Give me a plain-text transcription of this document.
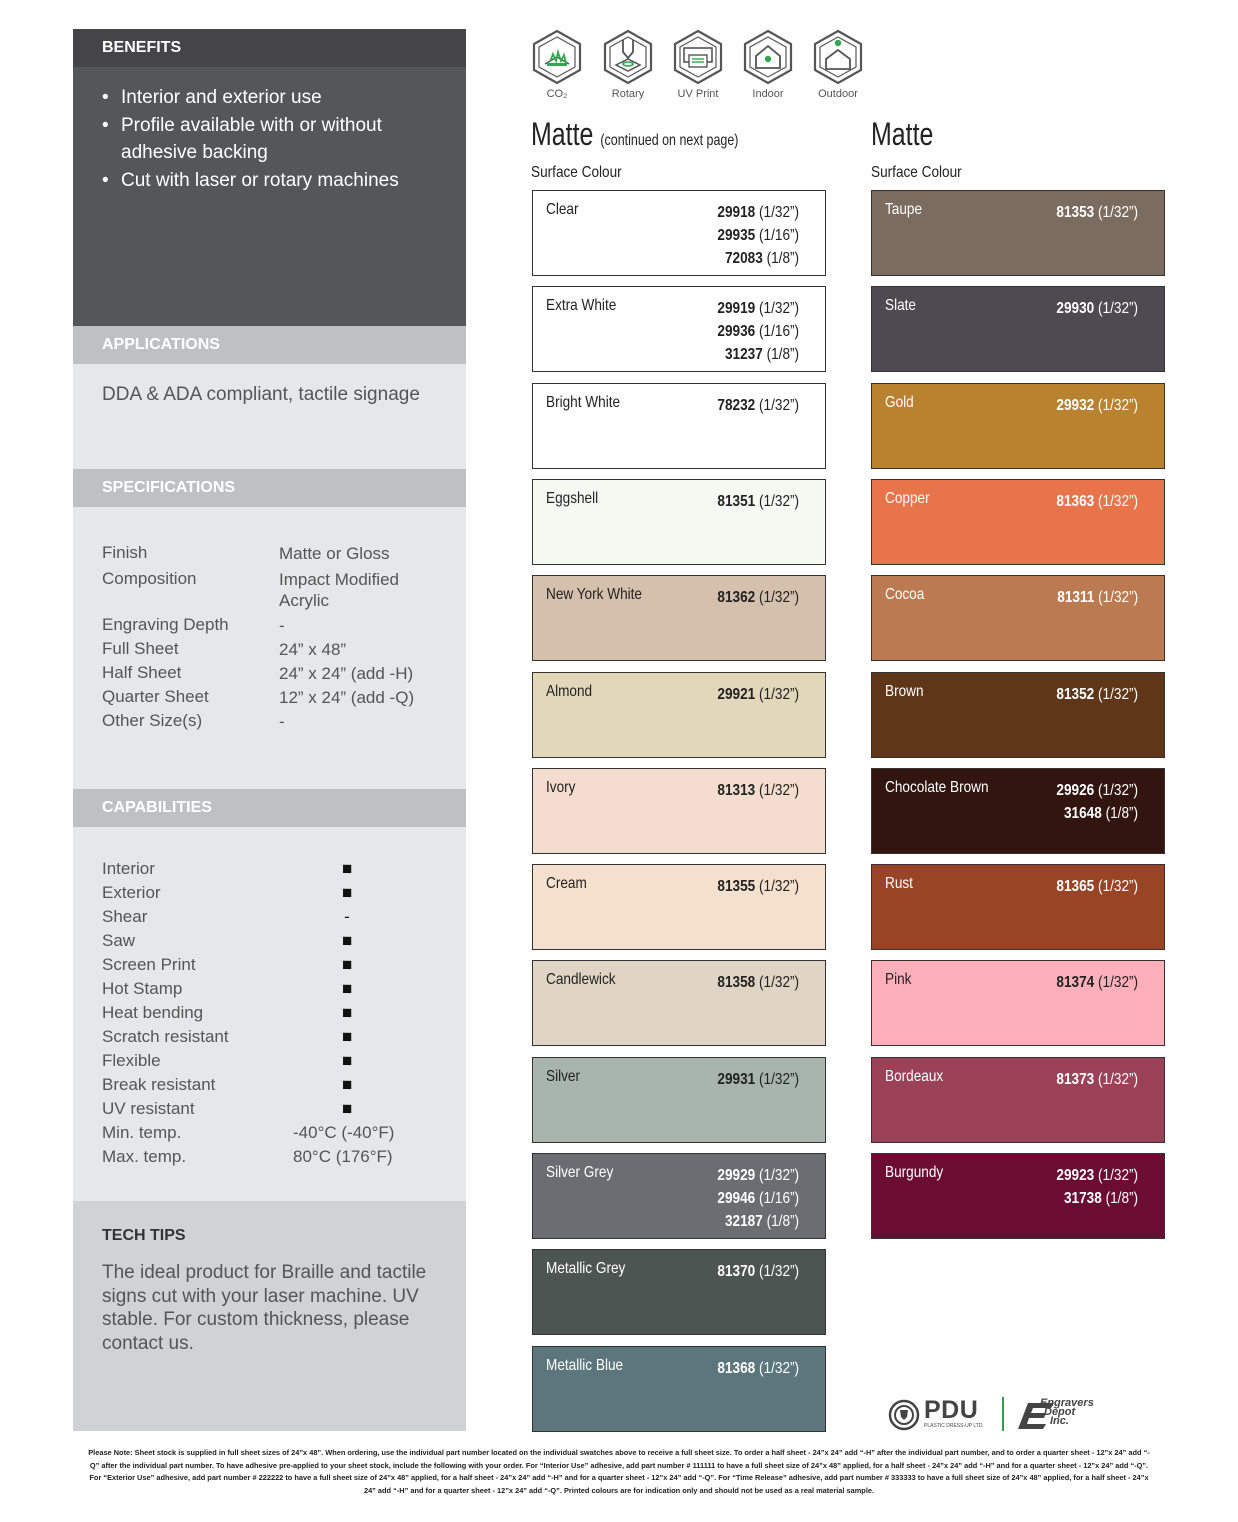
BENEFITS
• Interior and exterior use
• Profile available with or without adhesive backing
• Cut with laser or rotary machines
APPLICATIONS
DDA & ADA compliant, tactile signage
SPECIFICATIONS
Finish	Matte or Gloss
Composition	Impact Modified Acrylic
Engraving Depth	-
Full Sheet	24” x 48”
Half Sheet	24” x 24” (add -H)
Quarter Sheet	12” x 24” (add -Q)
Other Size(s)	-
CAPABILITIES
Interior	■
Exterior	■
Shear	-
Saw	■
Screen Print	■
Hot Stamp	■
Heat bending	■
Scratch resistant	■
Flexible	■
Break resistant	■
UV resistant	■
Min. temp.	-40°C (-40°F)
Max. temp.	80°C (176°F)
TECH TIPS
The ideal product for Braille and tactile signs cut with your laser machine. UV stable. For custom thickness, please contact us.
CO₂	Rotary	UV Print	Indoor	Outdoor
Matte (continued on next page)
Surface Colour
Matte
Surface Colour
Clear	29918 (1/32”)
29935 (1/16”)
72083 (1/8”)
Extra White	29919 (1/32”)
29936 (1/16”)
31237 (1/8”)
Bright White	78232 (1/32”)
Eggshell	81351 (1/32”)
New York White	81362 (1/32”)
Almond	29921 (1/32”)
Ivory	81313 (1/32”)
Cream	81355 (1/32”)
Candlewick	81358 (1/32”)
Silver	29931 (1/32”)
Silver Grey	29929 (1/32”)
29946 (1/16”)
32187 (1/8”)
Metallic Grey	81370 (1/32”)
Metallic Blue	81368 (1/32”)
Taupe	81353 (1/32”)
Slate	29930 (1/32”)
Gold	29932 (1/32”)
Copper	81363 (1/32”)
Cocoa	81311 (1/32”)
Brown	81352 (1/32”)
Chocolate Brown	29926 (1/32”)
31648 (1/8”)
Rust	81365 (1/32”)
Pink	81374 (1/32”)
Bordeaux	81373 (1/32”)
Burgundy	29923 (1/32”)
31738 (1/8”)
PDU
PLASTIC DRESS-UP LTD.
Engravers
Depot
Inc.
Please Note: Sheet stock is supplied in full sheet sizes of 24”x 48”. When ordering, use the individual part number located on the individual swatches above to receive a full sheet size. To order a half sheet - 24”x 24” add “-H” after the individual part number, and to order a quarter sheet - 12”x 24” add “-Q” after the individual part number. To have adhesive pre-applied to your sheet stock, include the following with your order. For “Interior Use” adhesive, add part number # 111111 to have a full sheet size of 24”x 48” applied, for a half sheet - 24”x 24” add “-H” and for a quarter sheet - 12”x 24” add “-Q”. For “Exterior Use” adhesive, add part number # 222222 to have a full sheet size of 24”x 48” applied, for a half sheet - 24”x 24” add “-H” and for a quarter sheet - 12”x 24” add “-Q”. For “Time Release” adhesive, add part number # 333333 to have a full sheet size of 24”x 48” applied, for a half sheet - 24”x 24” add “-H” and for a quarter sheet - 12”x 24” add “-Q”. Printed colours are for indication only and should not be used as a real material sample.
